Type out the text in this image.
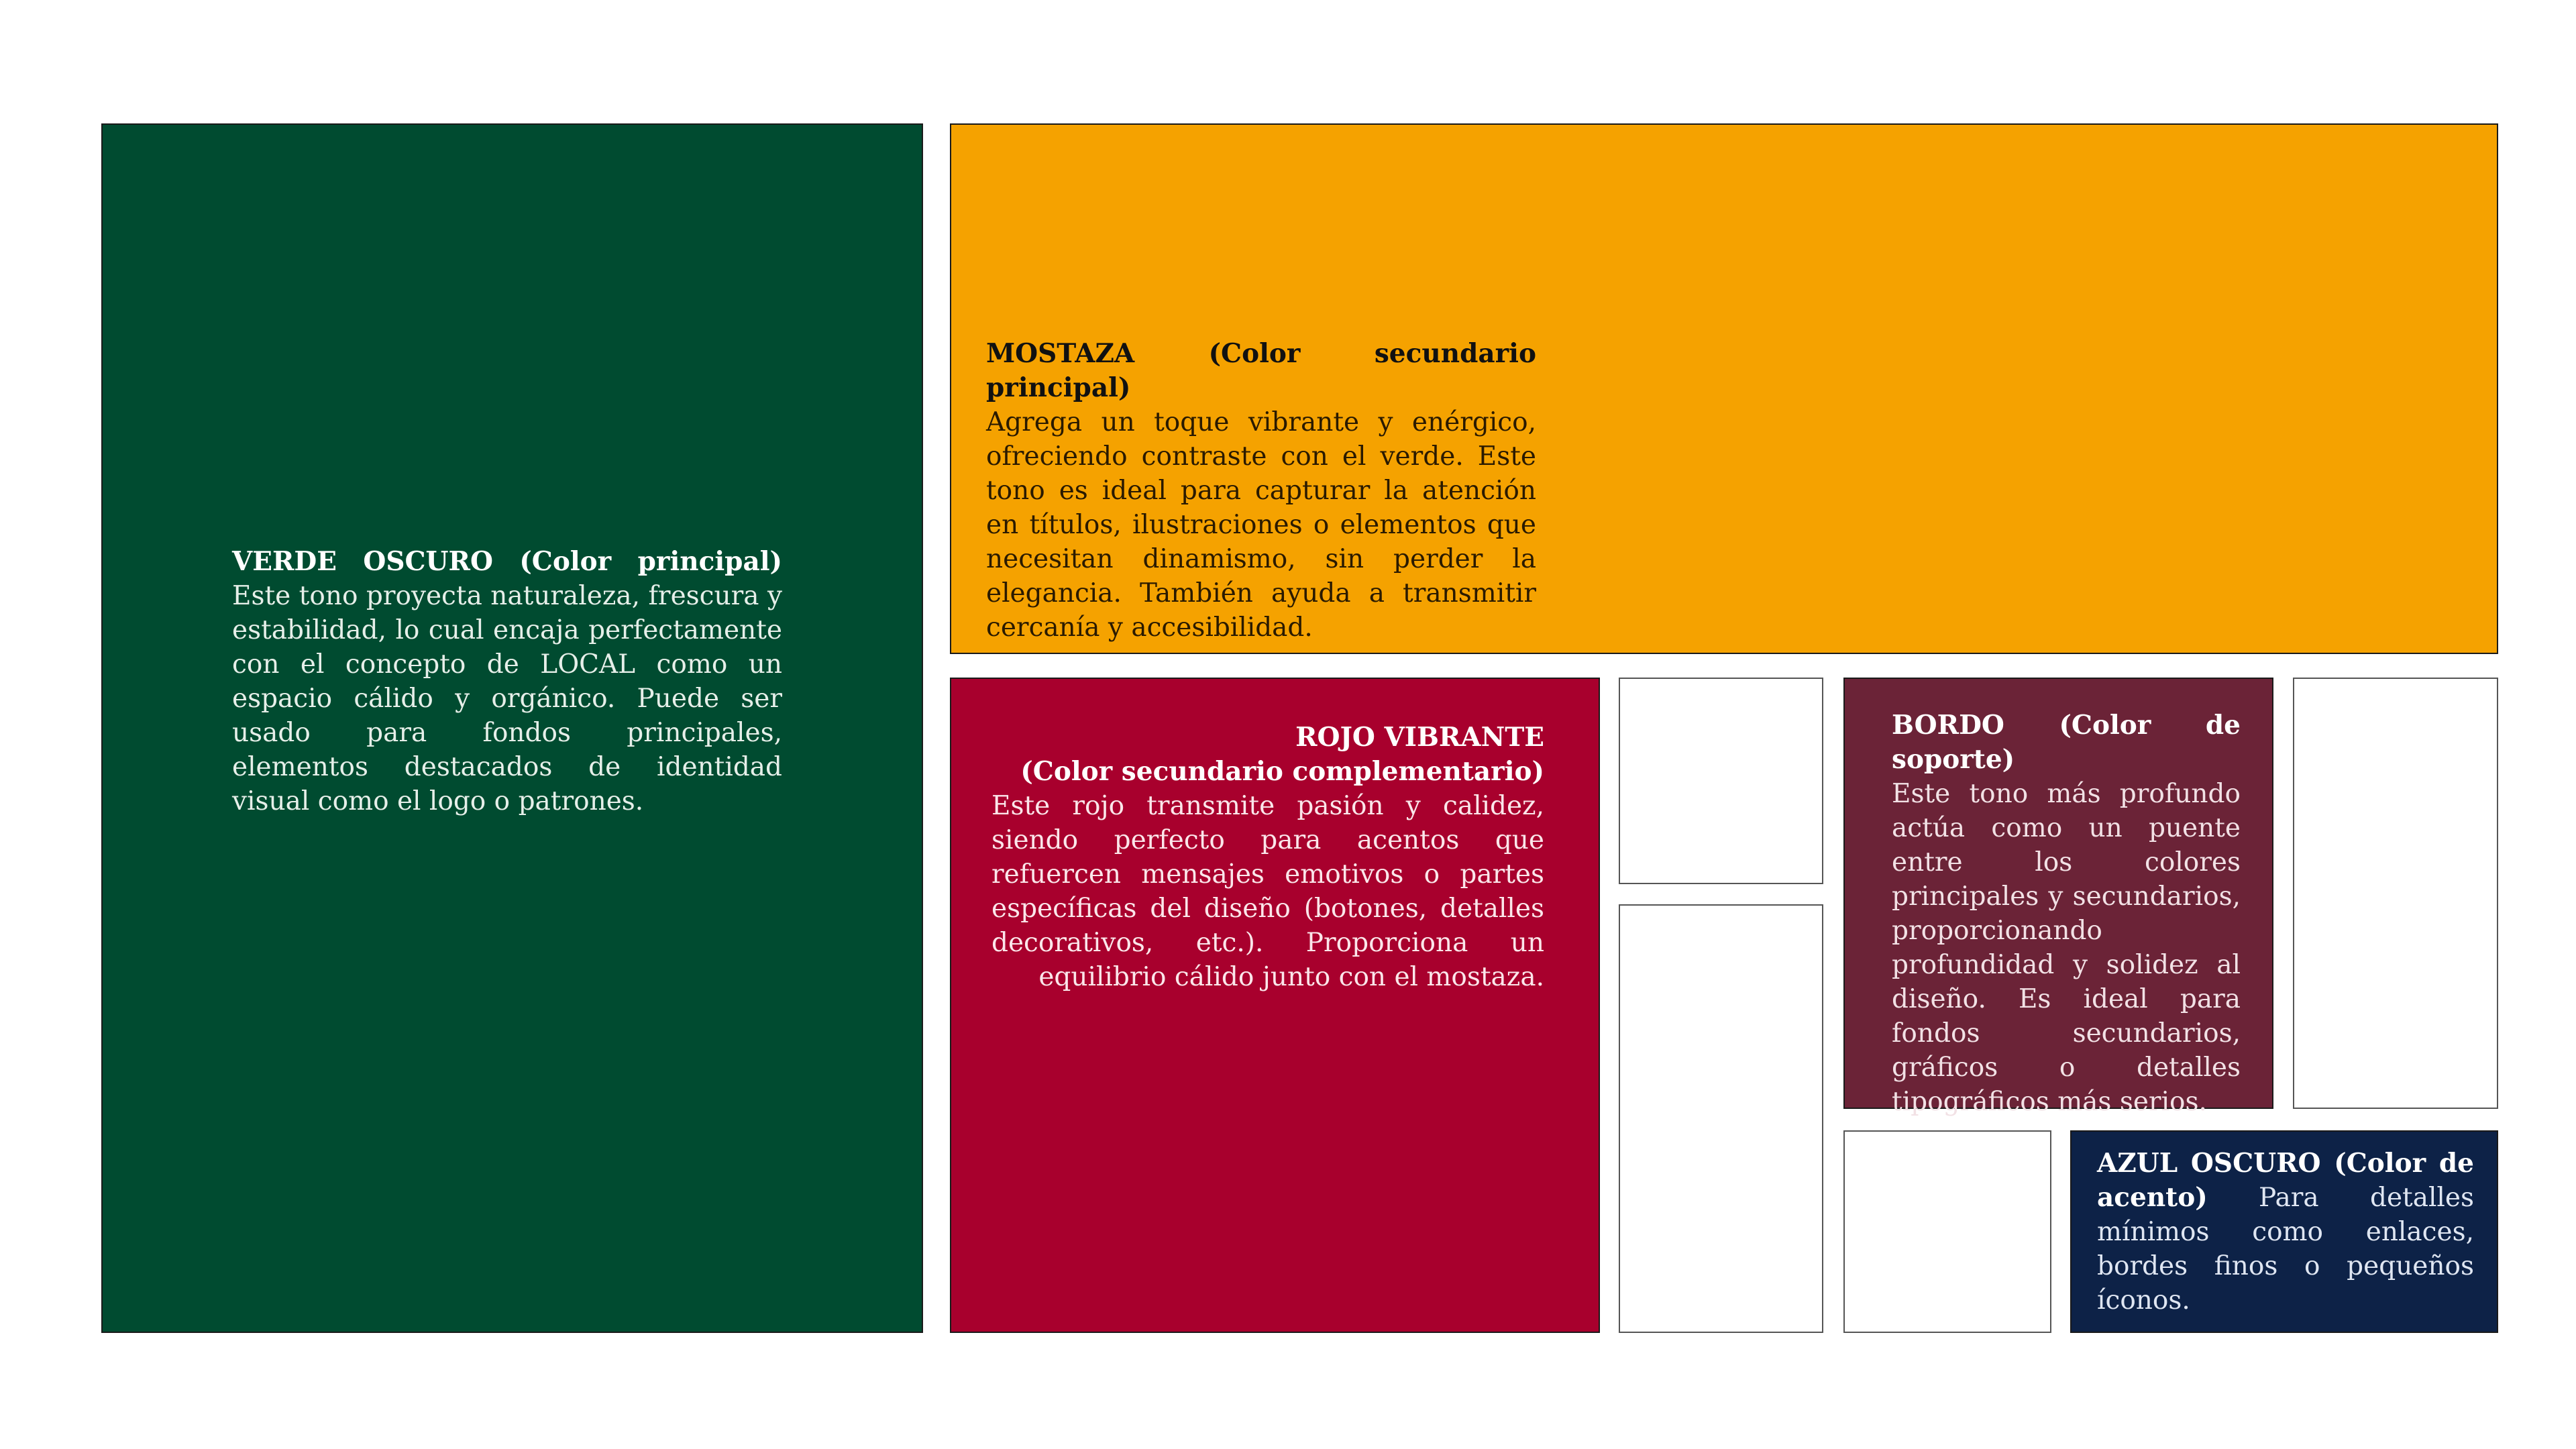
VERDE OSCURO (Color principal) Este tono proyecta naturaleza, frescura y estabilidad, lo cual encaja perfectamente con el concepto de LOCAL como un espacio cálido y orgánico. Puede ser usado para fondos principales, elementos destacados de identidad visual como el logo o patrones.
MOSTAZA (Color secundario principal)
Agrega un toque vibrante y enérgico, ofreciendo contraste con el verde. Este tono es ideal para capturar la atención en títulos, ilustraciones o elementos que necesitan dinamismo, sin perder la elegancia. También ayuda a transmitir cercanía y accesibilidad.
ROJO VIBRANTE
(Color secundario complementario)
Este rojo transmite pasión y calidez, siendo perfecto para acentos que refuercen mensajes emotivos o partes específicas del diseño (botones, detalles decorativos, etc.). Proporciona un equilibrio cálido junto con el mostaza.
BORDO (Color de soporte)
Este tono más profundo actúa como un puente entre los colores principales y secundarios, proporcionando profundidad y solidez al diseño. Es ideal para fondos secundarios, gráficos o detalles tipográficos más serios.
AZUL OSCURO (Color de acento) Para detalles mínimos como enlaces, bordes finos o pequeños íconos.
